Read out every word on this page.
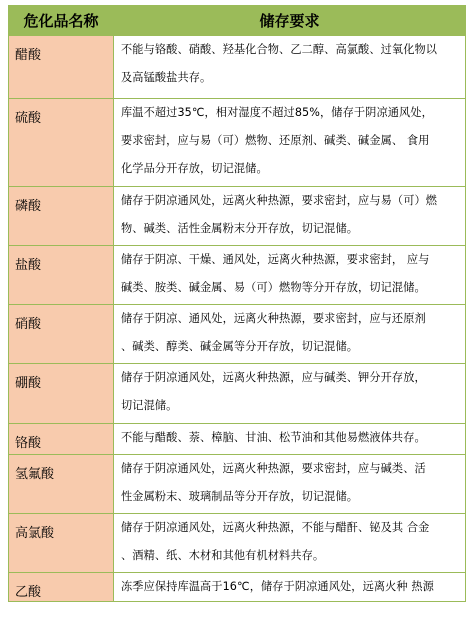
危化品名称	储存要求
醋酸	不能与铬酸、硝酸、羟基化合物、乙二醇、高氯酸、过氧化物以
及高锰酸盐共存。

硫酸	库温不超过35℃，相对湿度不超过85%，储存于阴凉通风处，
要求密封，应与易（可）燃物、还原剂、碱类、碱金属、 食用
化学品分开存放，切记混储。

磷酸	储存于阴凉通风处，远离火种热源，要求密封，应与易（可）燃
物、碱类、活性金属粉末分开存放，切记混储。

盐酸	储存于阴凉、干燥、通风处，远离火种热源，要求密封， 应与
碱类、胺类、碱金属、易（可）燃物等分开存放，切记混储。

硝酸	储存于阴凉、通风处，远离火种热源，要求密封，应与还原剂
、碱类、醇类、碱金属等分开存放，切记混储。

硼酸	储存于阴凉通风处，远离火种热源，应与碱类、钾分开存放，
切记混储。

铬酸	不能与醋酸、萘、樟脑、甘油、松节油和其他易燃液体共存。

氢氟酸	储存于阴凉通风处，远离火种热源，要求密封，应与碱类、活
性金属粉末、玻璃制品等分开存放，切记混储。

高氯酸	储存于阴凉通风处，远离火种热源，不能与醋酐、铋及其 合金
、酒精、纸、木材和其他有机材料共存。

乙酸	冻季应保持库温高于16℃，储存于阴凉通风处，远离火种 热源
